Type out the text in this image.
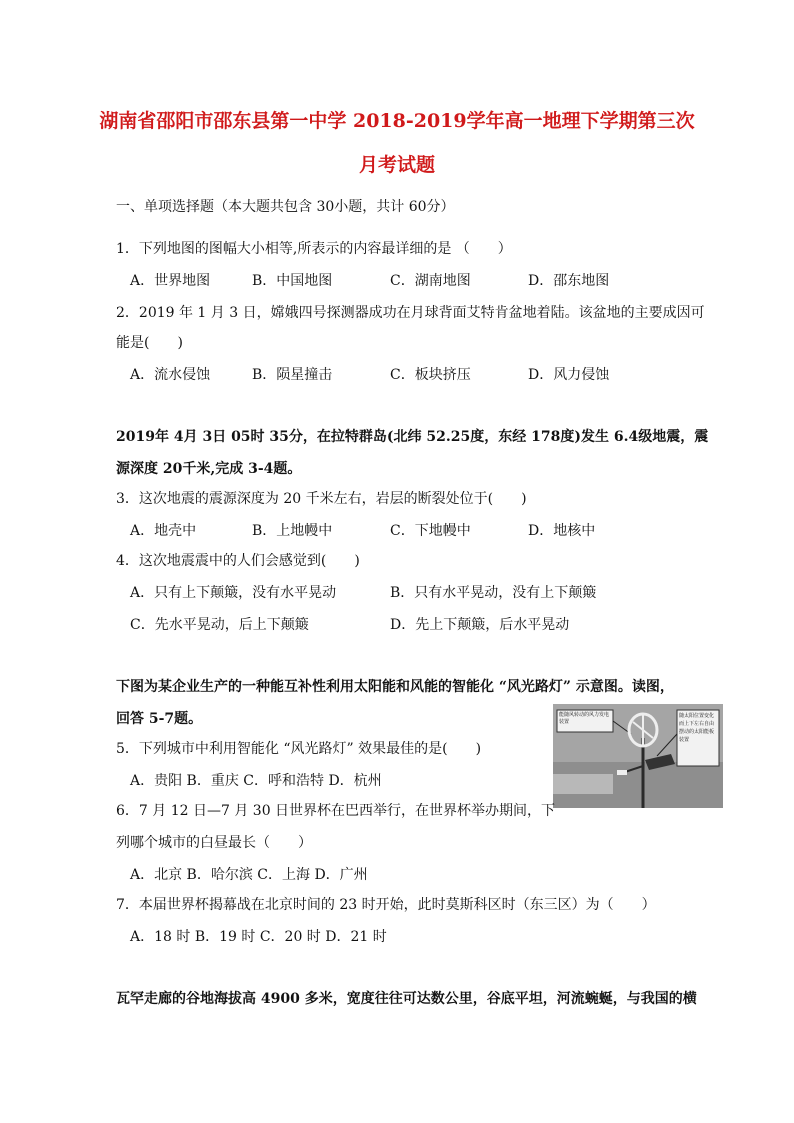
湖南省邵阳市邵东县第一中学 2018-2019学年高一地理下学期第三次
月考试题
一、单项选择题（本大题共包含 30小题，共计 60分）
1．下列地图的图幅大小相等,所表示的内容最详细的是 （　　）
A．世界地图	B．中国地图	C．湖南地图	D．邵东地图
2．2019 年 1 月 3 日，嫦娥四号探测器成功在月球背面艾特肯盆地着陆。该盆地的主要成因可
能是(　　)
A．流水侵蚀	B．陨星撞击	C．板块挤压	D．风力侵蚀
2019年 4月 3日 05时 35分，在拉特群岛(北纬 52.25度，东经 178度)发生 6.4级地震，震
源深度 20千米,完成 3-4题。
3．这次地震的震源深度为 20 千米左右，岩层的断裂处位于(　　)
A．地壳中	B．上地幔中	C．下地幔中	D．地核中
4．这次地震震中的人们会感觉到(　　)
A．只有上下颠簸，没有水平晃动	B．只有水平晃动，没有上下颠簸
C．先水平晃动，后上下颠簸	D．先上下颠簸，后水平晃动
下图为某企业生产的一种能互补性利用太阳能和风能的智能化 “风光路灯” 示意图。读图，
回答 5-7题。	能随风转动的风力发电装置
随太阳位置变化而上下左右自由摆动的太阳能板装置
5．下列城市中利用智能化 “风光路灯” 效果最佳的是(　　)
A．贵阳 B．重庆 C．呼和浩特 D．杭州
6．7 月 12 日—7 月 30 日世界杯在巴西举行，在世界杯举办期间，下
列哪个城市的白昼最长（　　）
A．北京 B．哈尔滨 C．上海 D．广州
7．本届世界杯揭幕战在北京时间的 23 时开始，此时莫斯科区时（东三区）为（　　）
A．18 时 B．19 时 C．20 时 D．21 时
瓦罕走廊的谷地海拔高 4900 多米，宽度往往可达数公里，谷底平坦，河流蜿蜒，与我国的横
